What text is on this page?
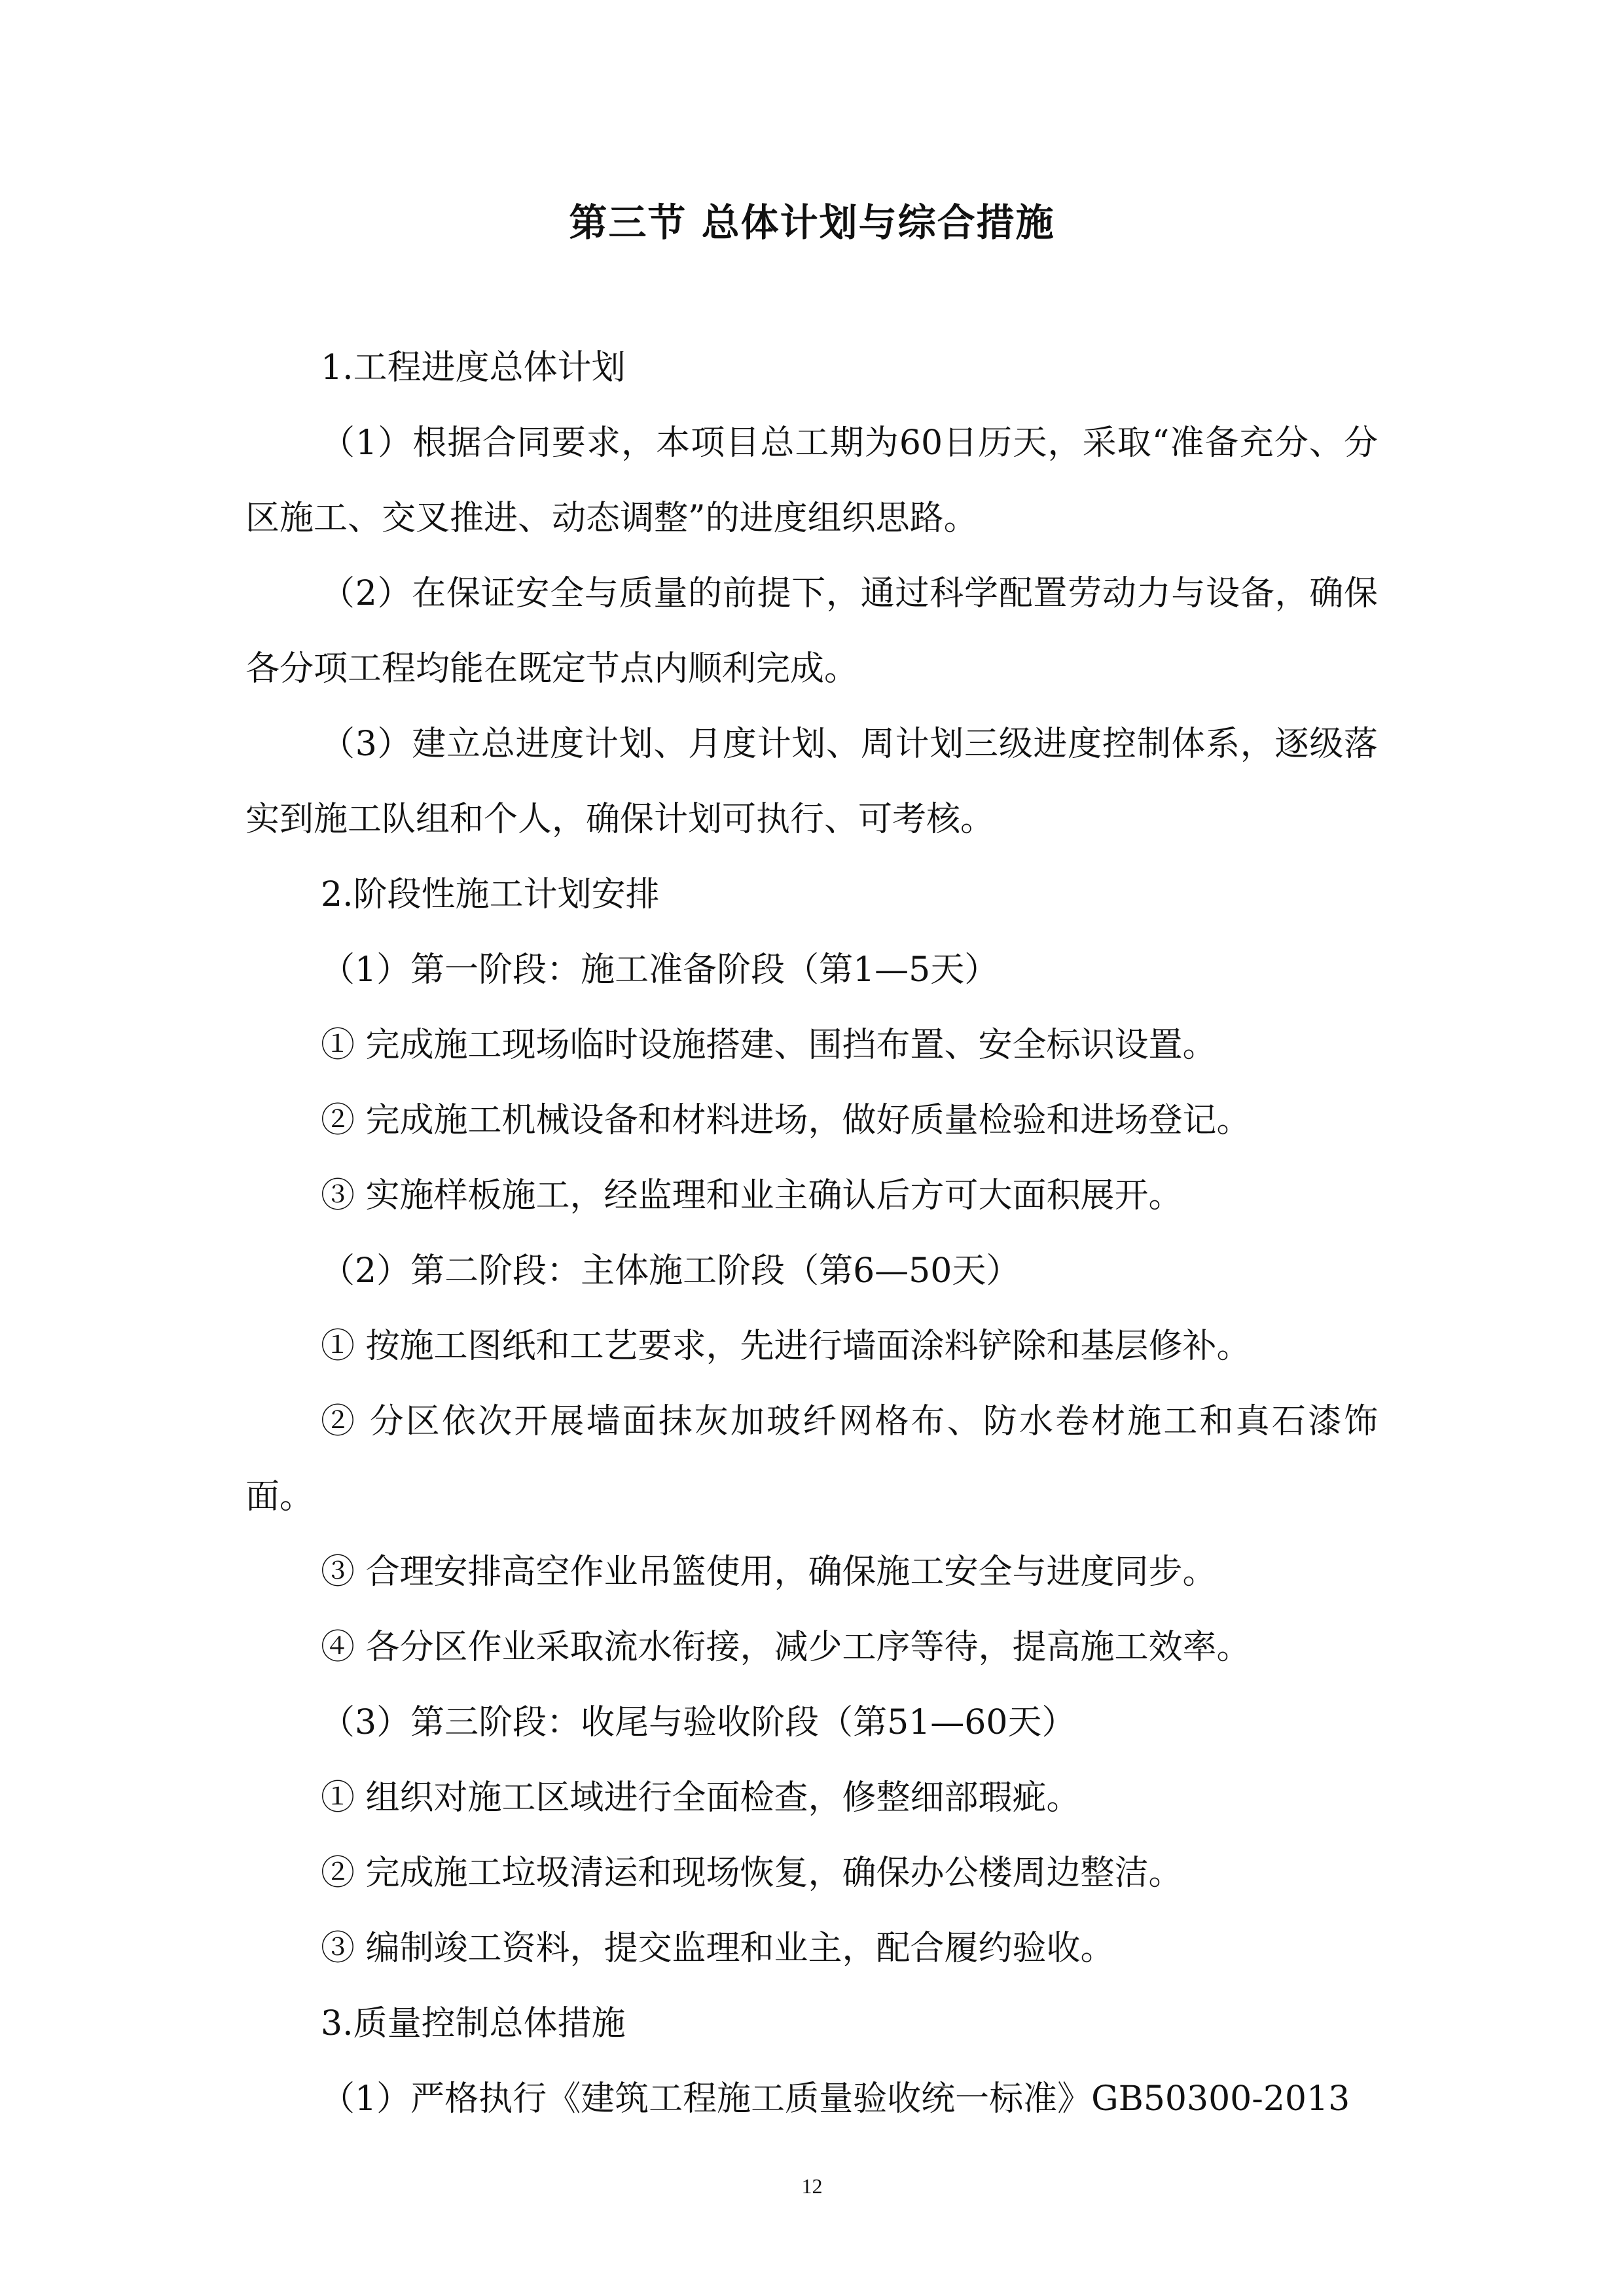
第三节 总体计划与综合措施

1.工程进度总体计划

（1）根据合同要求，本项目总工期为60日历天，采取“准备充分、分区施工、交叉推进、动态调整”的进度组织思路。

（2）在保证安全与质量的前提下，通过科学配置劳动力与设备，确保各分项工程均能在既定节点内顺利完成。

（3）建立总进度计划、月度计划、周计划三级进度控制体系，逐级落实到施工队组和个人，确保计划可执行、可考核。

2.阶段性施工计划安排

（1）第一阶段：施工准备阶段（第1—5天）

① 完成施工现场临时设施搭建、围挡布置、安全标识设置。

② 完成施工机械设备和材料进场，做好质量检验和进场登记。

③ 实施样板施工，经监理和业主确认后方可大面积展开。

（2）第二阶段：主体施工阶段（第6—50天）

① 按施工图纸和工艺要求，先进行墙面涂料铲除和基层修补。

② 分区依次开展墙面抹灰加玻纤网格布、防水卷材施工和真石漆饰面。

③ 合理安排高空作业吊篮使用，确保施工安全与进度同步。

④ 各分区作业采取流水衔接，减少工序等待，提高施工效率。

（3）第三阶段：收尾与验收阶段（第51—60天）

① 组织对施工区域进行全面检查，修整细部瑕疵。

② 完成施工垃圾清运和现场恢复，确保办公楼周边整洁。

③ 编制竣工资料，提交监理和业主，配合履约验收。

3.质量控制总体措施

（1）严格执行《建筑工程施工质量验收统一标准》GB50300-2013

12
